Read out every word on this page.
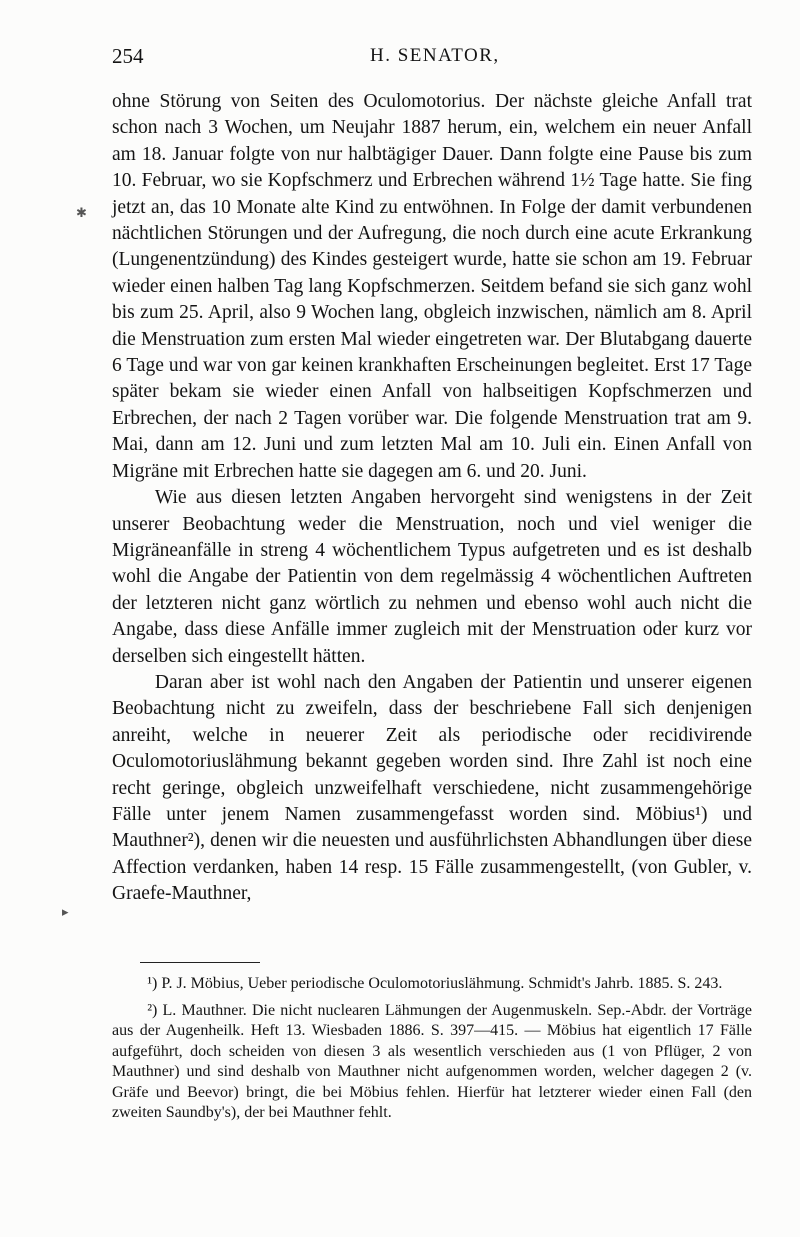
254	H. SENATOR,

ohne Störung von Seiten des Oculomotorius. Der nächste gleiche Anfall trat schon nach 3 Wochen, um Neujahr 1887 herum, ein, welchem ein neuer Anfall am 18. Januar folgte von nur halbtägiger Dauer. Dann folgte eine Pause bis zum 10. Februar, wo sie Kopfschmerz und Erbrechen während 1½ Tage hatte. Sie fing jetzt an, das 10 Monate alte Kind zu entwöhnen. In Folge der damit verbundenen nächtlichen Störungen und der Aufregung, die noch durch eine acute Erkrankung (Lungenentzündung) des Kindes gesteigert wurde, hatte sie schon am 19. Februar wieder einen halben Tag lang Kopfschmerzen. Seitdem befand sie sich ganz wohl bis zum 25. April, also 9 Wochen lang, obgleich inzwischen, nämlich am 8. April die Menstruation zum ersten Mal wieder eingetreten war. Der Blutabgang dauerte 6 Tage und war von gar keinen krankhaften Erscheinungen begleitet. Erst 17 Tage später bekam sie wieder einen Anfall von halbseitigen Kopfschmerzen und Erbrechen, der nach 2 Tagen vorüber war. Die folgende Menstruation trat am 9. Mai, dann am 12. Juni und zum letzten Mal am 10. Juli ein. Einen Anfall von Migräne mit Erbrechen hatte sie dagegen am 6. und 20. Juni.

Wie aus diesen letzten Angaben hervorgeht sind wenigstens in der Zeit unserer Beobachtung weder die Menstruation, noch und viel weniger die Migräneanfälle in streng 4 wöchentlichem Typus aufgetreten und es ist deshalb wohl die Angabe der Patientin von dem regelmässig 4 wöchentlichen Auftreten der letzteren nicht ganz wörtlich zu nehmen und ebenso wohl auch nicht die Angabe, dass diese Anfälle immer zugleich mit der Menstruation oder kurz vor derselben sich eingestellt hätten.

Daran aber ist wohl nach den Angaben der Patientin und unserer eigenen Beobachtung nicht zu zweifeln, dass der beschriebene Fall sich denjenigen anreiht, welche in neuerer Zeit als periodische oder recidivirende Oculomotoriuslähmung bekannt gegeben worden sind. Ihre Zahl ist noch eine recht geringe, obgleich unzweifelhaft verschiedene, nicht zusammengehörige Fälle unter jenem Namen zusammengefasst worden sind. Möbius¹) und Mauthner²), denen wir die neuesten und ausführlichsten Abhandlungen über diese Affection verdanken, haben 14 resp. 15 Fälle zusammengestellt, (von Gubler, v. Graefe-Mauthner,

¹) P. J. Möbius, Ueber periodische Oculomotoriuslähmung. Schmidt's Jahrb. 1885. S. 243.

²) L. Mauthner. Die nicht nuclearen Lähmungen der Augenmuskeln. Sep.-Abdr. der Vorträge aus der Augenheilk. Heft 13. Wiesbaden 1886. S. 397—415. — Möbius hat eigentlich 17 Fälle aufgeführt, doch scheiden von diesen 3 als wesentlich verschieden aus (1 von Pflüger, 2 von Mauthner) und sind deshalb von Mauthner nicht aufgenommen worden, welcher dagegen 2 (v. Gräfe und Beevor) bringt, die bei Möbius fehlen. Hierfür hat letzterer wieder einen Fall (den zweiten Saundby's), der bei Mauthner fehlt.

✱
▸
